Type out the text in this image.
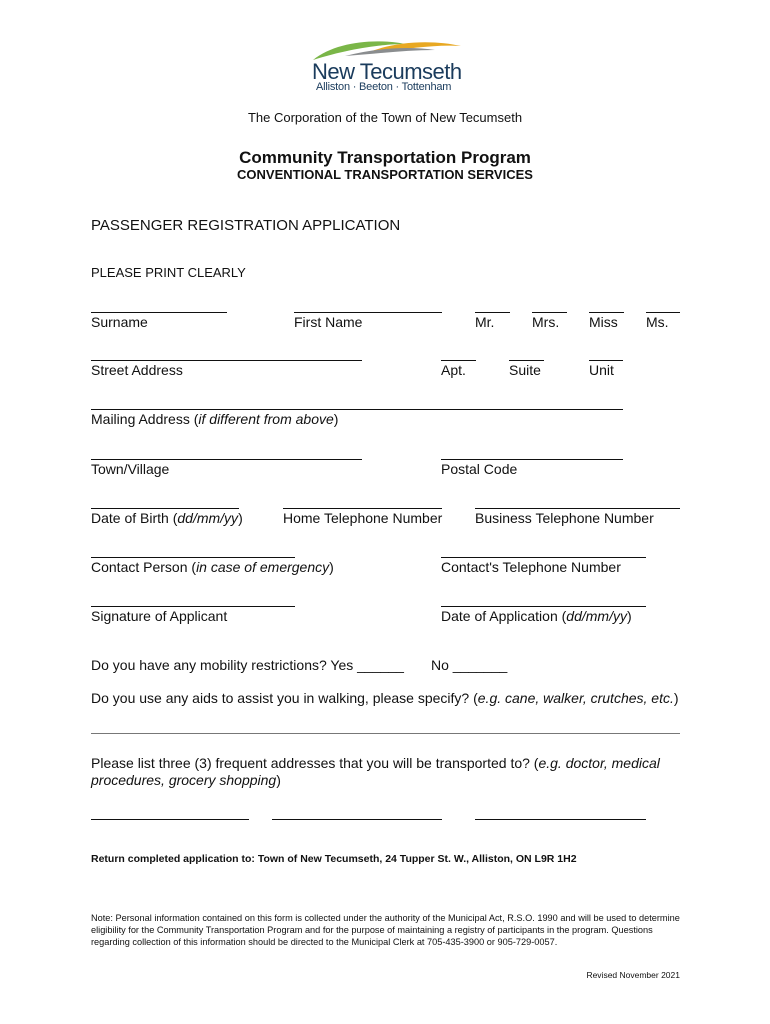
New Tecumseth
Alliston · Beeton · Tottenham
The Corporation of the Town of New Tecumseth
Community Transportation Program
CONVENTIONAL TRANSPORTATION SERVICES
PASSENGER REGISTRATION APPLICATION
PLEASE PRINT CLEARLY
Surname	First Name	Mr.	Mrs. Miss Ms.
Street Address	Apt.	Suite	Unit
Mailing Address (if different from above)
Town/Village	Postal Code
Date of Birth (dd/mm/yy)	Home Telephone Number Business Telephone Number
Contact Person (in case of emergency)	Contact's Telephone Number
Signature of Applicant	Date of Application (dd/mm/yy)
Do you have any mobility restrictions? Yes ______ No _______
Do you use any aids to assist you in walking, please specify? (e.g. cane, walker, crutches, etc.)
Please list three (3) frequent addresses that you will be transported to? (e.g. doctor, medical
procedures, grocery shopping)
Return completed application to: Town of New Tecumseth, 24 Tupper St. W., Alliston, ON L9R 1H2
Note: Personal information contained on this form is collected under the authority of the Municipal Act, R.S.O. 1990 and will be used to determine eligibility for the Community Transportation Program and for the purpose of maintaining a registry of participants in the program. Questions regarding collection of this information should be directed to the Municipal Clerk at 705-435-3900 or 905-729-0057.
Revised November 2021
